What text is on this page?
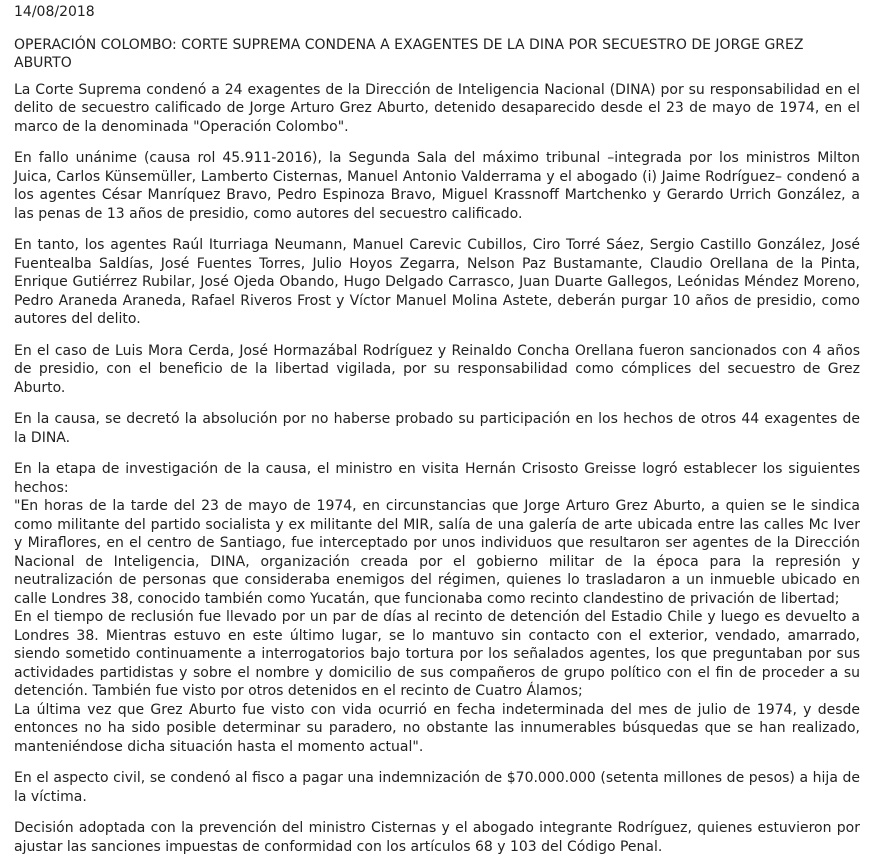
14/08/2018
OPERACIÓN COLOMBO: CORTE SUPREMA CONDENA A EXAGENTES DE LA DINA POR SECUESTRO DE JORGE GREZ ABURTO

La Corte Suprema condenó a 24 exagentes de la Dirección de Inteligencia Nacional (DINA) por su responsabilidad en el delito de secuestro calificado de Jorge Arturo Grez Aburto, detenido desaparecido desde el 23 de mayo de 1974, en el marco de la denominada "Operación Colombo".

En fallo unánime (causa rol 45.911-2016), la Segunda Sala del máximo tribunal –integrada por los ministros Milton Juica, Carlos Künsemüller, Lamberto Cisternas, Manuel Antonio Valderrama y el abogado (i) Jaime Rodríguez– condenó a los agentes César Manríquez Bravo, Pedro Espinoza Bravo, Miguel Krassnoff Martchenko y Gerardo Urrich González, a las penas de 13 años de presidio, como autores del secuestro calificado.

En tanto, los agentes Raúl Iturriaga Neumann, Manuel Carevic Cubillos, Ciro Torré Sáez, Sergio Castillo González, José Fuentealba Saldías, José Fuentes Torres, Julio Hoyos Zegarra, Nelson Paz Bustamante, Claudio Orellana de la Pinta, Enrique Gutiérrez Rubilar, José Ojeda Obando, Hugo Delgado Carrasco, Juan Duarte Gallegos, Leónidas Méndez Moreno, Pedro Araneda Araneda, Rafael Riveros Frost y Víctor Manuel Molina Astete, deberán purgar 10 años de presidio, como autores del delito.

En el caso de Luis Mora Cerda, José Hormazábal Rodríguez y Reinaldo Concha Orellana fueron sancionados con 4 años de presidio, con el beneficio de la libertad vigilada, por su responsabilidad como cómplices del secuestro de Grez Aburto.

En la causa, se decretó la absolución por no haberse probado su participación en los hechos de otros 44 exagentes de la DINA.

En la etapa de investigación de la causa, el ministro en visita Hernán Crisosto Greisse logró establecer los siguientes hechos:
"En horas de la tarde del 23 de mayo de 1974, en circunstancias que Jorge Arturo Grez Aburto, a quien se le sindica como militante del partido socialista y ex militante del MIR, salía de una galería de arte ubicada entre las calles Mc Iver y Miraflores, en el centro de Santiago, fue interceptado por unos individuos que resultaron ser agentes de la Dirección Nacional de Inteligencia, DINA, organización creada por el gobierno militar de la época para la represión y neutralización de personas que consideraba enemigos del régimen, quienes lo trasladaron a un inmueble ubicado en calle Londres 38, conocido también como Yucatán, que funcionaba como recinto clandestino de privación de libertad;
En el tiempo de reclusión fue llevado por un par de días al recinto de detención del Estadio Chile y luego es devuelto a Londres 38. Mientras estuvo en este último lugar, se lo mantuvo sin contacto con el exterior, vendado, amarrado, siendo sometido continuamente a interrogatorios bajo tortura por los señalados agentes, los que preguntaban por sus actividades partidistas y sobre el nombre y domicilio de sus compañeros de grupo político con el fin de proceder a su detención. También fue visto por otros detenidos en el recinto de Cuatro Álamos;
La última vez que Grez Aburto fue visto con vida ocurrió en fecha indeterminada del mes de julio de 1974, y desde entonces no ha sido posible determinar su paradero, no obstante las innumerables búsquedas que se han realizado, manteniéndose dicha situación hasta el momento actual".

En el aspecto civil, se condenó al fisco a pagar una indemnización de $70.000.000 (setenta millones de pesos) a hija de la víctima.

Decisión adoptada con la prevención del ministro Cisternas y el abogado integrante Rodríguez, quienes estuvieron por ajustar las sanciones impuestas de conformidad con los artículos 68 y 103 del Código Penal.
